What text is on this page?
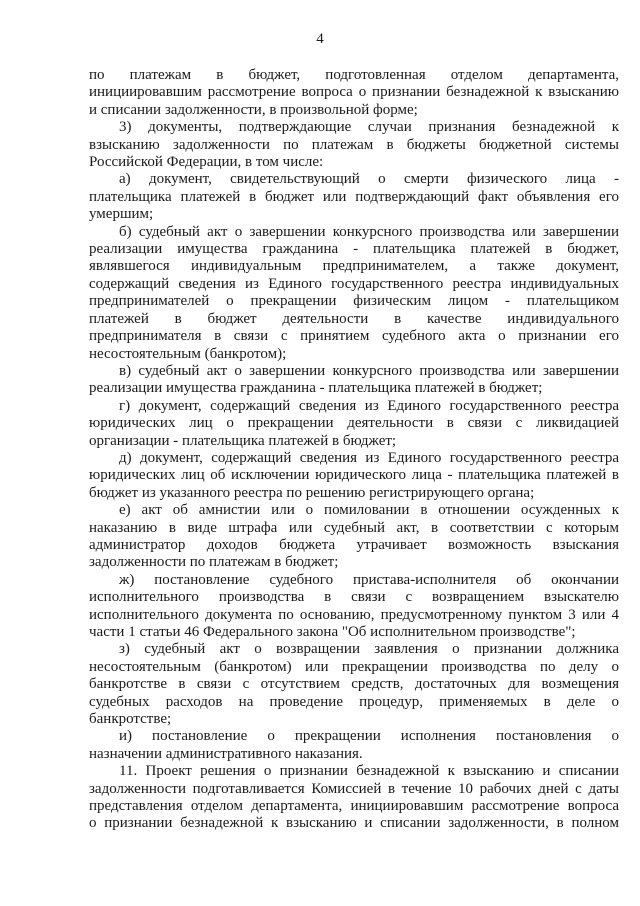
4
по платежам в бюджет, подготовленная отделом департамента,
инициировавшим рассмотрение вопроса о признании безнадежной к взысканию
и списании задолженности, в произвольной форме;
3) документы, подтверждающие случаи признания безнадежной к
взысканию задолженности по платежам в бюджеты бюджетной системы
Российской Федерации, в том числе:
а) документ, свидетельствующий о смерти физического лица -
плательщика платежей в бюджет или подтверждающий факт объявления его
умершим;
б) судебный акт о завершении конкурсного производства или завершении
реализации имущества гражданина - плательщика платежей в бюджет,
являвшегося индивидуальным предпринимателем, а также документ,
содержащий сведения из Единого государственного реестра индивидуальных
предпринимателей о прекращении физическим лицом - плательщиком
платежей в бюджет деятельности в качестве индивидуального
предпринимателя в связи с принятием судебного акта о признании его
несостоятельным (банкротом);
в) судебный акт о завершении конкурсного производства или завершении
реализации имущества гражданина - плательщика платежей в бюджет;
г) документ, содержащий сведения из Единого государственного реестра
юридических лиц о прекращении деятельности в связи с ликвидацией
организации - плательщика платежей в бюджет;
д) документ, содержащий сведения из Единого государственного реестра
юридических лиц об исключении юридического лица - плательщика платежей в
бюджет из указанного реестра по решению регистрирующего органа;
е) акт об амнистии или о помиловании в отношении осужденных к
наказанию в виде штрафа или судебный акт, в соответствии с которым
администратор доходов бюджета утрачивает возможность взыскания
задолженности по платежам в бюджет;
ж) постановление судебного пристава-исполнителя об окончании
исполнительного производства в связи с возвращением взыскателю
исполнительного документа по основанию, предусмотренному пунктом 3 или 4
части 1 статьи 46 Федерального закона "Об исполнительном производстве";
з) судебный акт о возвращении заявления о признании должника
несостоятельным (банкротом) или прекращении производства по делу о
банкротстве в связи с отсутствием средств, достаточных для возмещения
судебных расходов на проведение процедур, применяемых в деле о
банкротстве;
и) постановление о прекращении исполнения постановления о
назначении административного наказания.
11. Проект решения о признании безнадежной к взысканию и списании
задолженности подготавливается Комиссией в течение 10 рабочих дней с даты
представления отделом департамента, инициировавшим рассмотрение вопроса
о признании безнадежной к взысканию и списании задолженности, в полном
